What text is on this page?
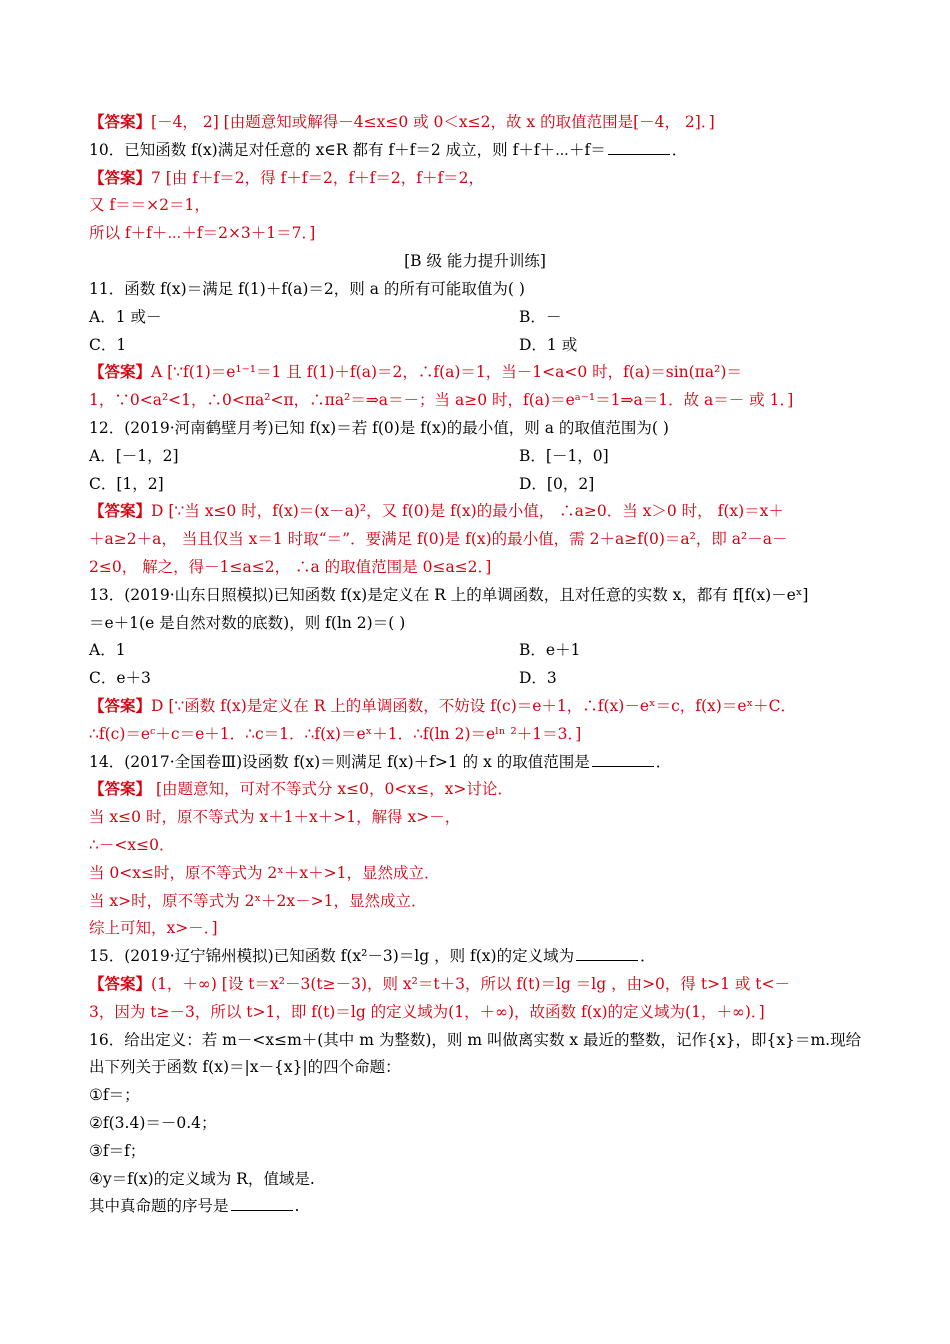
【答案】[－4， 2] [由题意知或解得－4≤x≤0 或 0＜x≤2，故 x 的取值范围是[－4， 2]．]
10．已知函数 f(x)满足对任意的 x∈R 都有 f＋f＝2 成立，则 f＋f＋⋯＋f＝	．
【答案】7 [由 f＋f＝2，得 f＋f＝2，f＋f＝2，f＋f＝2，
又 f＝＝×2＝1，
所以 f＋f＋⋯＋f＝2×3＋1＝7．]
[B 级 能力提升训练]
11．函数 f(x)＝满足 f(1)＋f(a)＝2，则 a 的所有可能取值为( )
A．1 或－	B．－
C．1	D．1 或
【答案】A [∵f(1)＝e¹⁻¹＝1 且 f(1)＋f(a)＝2，∴f(a)＝1，当－1<a<0 时，f(a)＝sin(πa²)＝
1，∵0<a²<1，∴0<πa²<π，∴πa²＝⇒a＝－；当 a≥0 时，f(a)＝eᵃ⁻¹＝1⇒a＝1．故 a＝－ 或 1．]
12．(2019·河南鹤壁月考)已知 f(x)＝若 f(0)是 f(x)的最小值，则 a 的取值范围为( )
A．[－1，2]	B．[－1，0]
C．[1，2]	D．[0，2]
【答案】D [∵当 x≤0 时，f(x)＝(x－a)²，又 f(0)是 f(x)的最小值， ∴a≥0．当 x＞0 时， f(x)＝x＋
＋a≥2＋a， 当且仅当 x＝1 时取“＝”．要满足 f(0)是 f(x)的最小值，需 2＋a≥f(0)＝a²，即 a²－a－
2≤0， 解之，得－1≤a≤2， ∴a 的取值范围是 0≤a≤2．]
13．(2019·山东日照模拟)已知函数 f(x)是定义在 R 上的单调函数，且对任意的实数 x，都有 f[f(x)－eˣ]
＝e＋1(e 是自然对数的底数)，则 f(ln 2)＝( )
A．1	B．e＋1
C．e＋3	D．3
【答案】D [∵函数 f(x)是定义在 R 上的单调函数，不妨设 f(c)＝e＋1，∴f(x)－eˣ＝c，f(x)＝eˣ＋C．
∴f(c)＝eᶜ＋c＝e＋1．∴c＝1．∴f(x)＝eˣ＋1．∴f(ln 2)＝eˡⁿ ²＋1＝3．]
14．(2017·全国卷Ⅲ)设函数 f(x)＝则满足 f(x)＋f>1 的 x 的取值范围是	．
【答案】 [由题意知，可对不等式分 x≤0，0<x≤，x>讨论．
当 x≤0 时，原不等式为 x＋1＋x＋>1，解得 x>－，
∴－<x≤0．
当 0<x≤时，原不等式为 2ˣ＋x＋>1，显然成立．
当 x>时，原不等式为 2ˣ＋2x－>1，显然成立．
综上可知，x>－．]
15．(2019·辽宁锦州模拟)已知函数 f(x²－3)＝lg ，则 f(x)的定义域为	．
【答案】(1，＋∞) [设 t＝x²－3(t≥－3)，则 x²＝t＋3，所以 f(t)＝lg ＝lg ，由>0，得 t>1 或 t<－
3，因为 t≥－3，所以 t>1，即 f(t)＝lg 的定义域为(1，＋∞)，故函数 f(x)的定义域为(1，＋∞)．]
16．给出定义：若 m－<x≤m＋(其中 m 为整数)，则 m 叫做离实数 x 最近的整数，记作{x}，即{x}＝m.现给
出下列关于函数 f(x)＝|x－{x}|的四个命题：
①f＝；
②f(3.4)＝－0.4；
③f＝f；
④y＝f(x)的定义域为 R，值域是.
其中真命题的序号是	.
